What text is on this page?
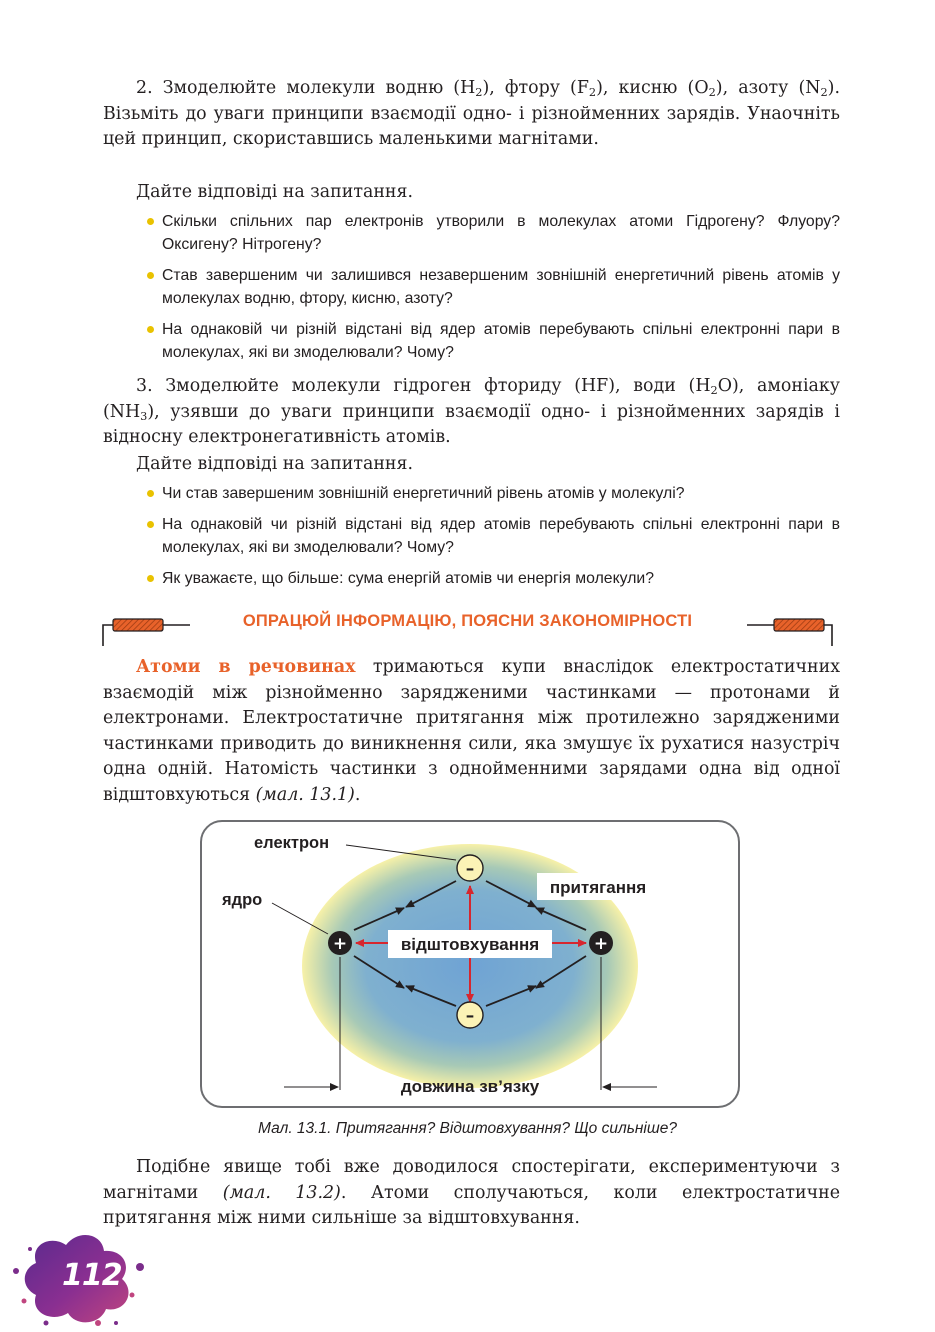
2. Змоделюйте молекули водню $(H_2)$, фтору $(F_2)$, кисню $(O_2)$, азоту $(N_2)$. Візьміть до уваги принципи взаємодії одно- і різнойменних зарядів. Унаочніть цей принцип, скориставшись маленькими магнітами.

Дайте відповіді на запитання.

Скільки спільних пар електронів утворили в молекулах атоми Гідрогену? Флуору? Оксигену? Нітрогену?
Став завершеним чи залишився незавершеним зовнішній енергетичний рівень атомів у молекулах водню, фтору, кисню, азоту?
На однаковій чи різній відстані від ядер атомів перебувають спільні електронні пари в молекулах, які ви змоделювали? Чому?

3. Змоделюйте молекули гідроген фториду (HF), води $(H_2O)$, амоніаку $(NH_3)$, узявши до уваги принципи взаємодії одно- і різнойменних зарядів і відносну електронегативність атомів.

Дайте відповіді на запитання.

Чи став завершеним зовнішній енергетичний рівень атомів у молекулі?
На однаковій чи різній відстані від ядер атомів перебувають спільні електронні пари в молекулах, які ви змоделювали? Чому?
Як уважаєте, що більше: сума енергій атомів чи енергія молекули?
ОПРАЦЮЙ ІНФОРМАЦІЮ, ПОЯСНИ ЗАКОНОМІРНОСТІ

Атоми в речовинах тримаються купи внаслідок електростатичних взаємодій між різнойменно зарядженими частинками — протонами й електронами. Електростатичне притягання між протилежно зарядженими частинками приводить до виникнення сили, яка змушує їх рухатися назустріч одна одній. Натомість частинки з однойменними зарядами одна від одної відштовхуються (мал. 13.1).

відштовхування
притягання
електрон
ядро
+	+
–
–
довжина зв’язку
Мал. 13.1. Притягання? Відштовхування? Що сильніше?

Подібне явище тобі вже доводилося спостерігати, експериментуючи з магнітами (мал. 13.2). Атоми сполучаються, коли електростатичне притягання між ними сильніше за відштовхування.

112
